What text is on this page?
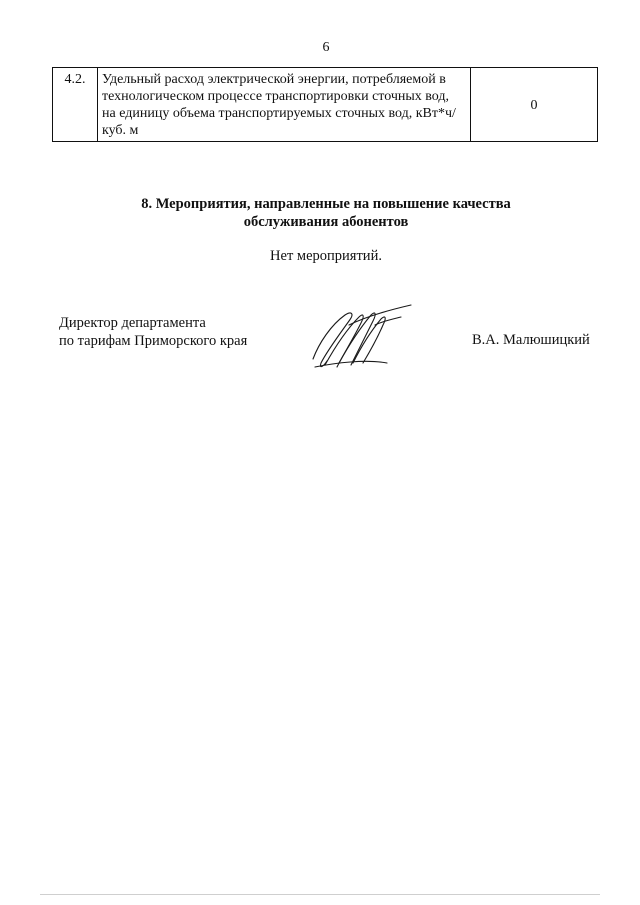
6
4.2.	Удельный расход электрической энергии, потребляемой в технологическом процессе транспортировки сточных вод, на единицу объема транспортируемых сточных вод, кВт*ч/куб. м	0
8. Мероприятия, направленные на повышение качества
обслуживания абонентов
Нет мероприятий.
Директор департамента
по тарифам Приморского края	В.А. Малюшицкий
